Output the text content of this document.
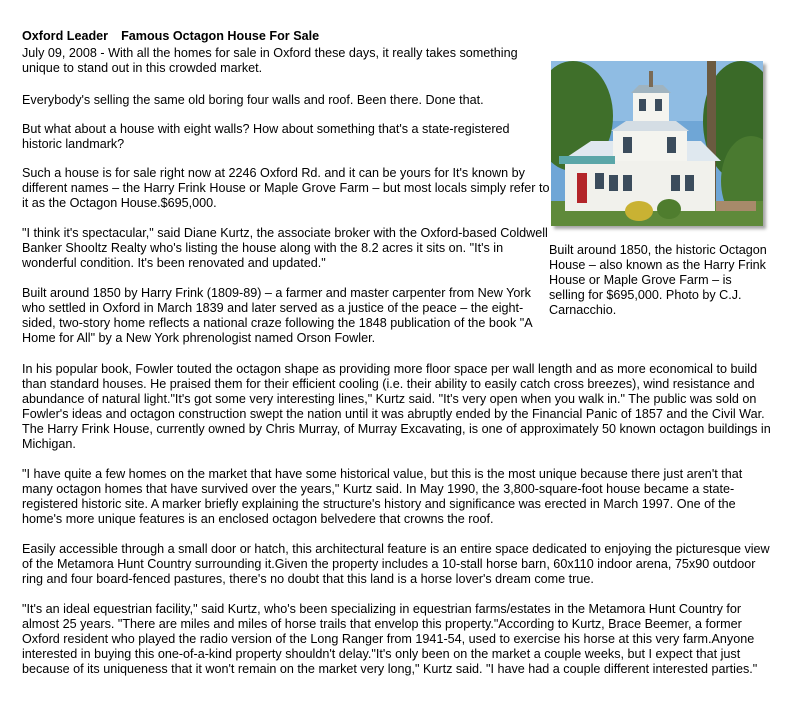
Oxford Leader Famous Octagon House For Sale

July 09, 2008 - With all the homes for sale in Oxford these days, it really takes something unique to stand out in this crowded market.

Everybody's selling the same old boring four walls and roof. Been there. Done that.

But what about a house with eight walls? How about something that's a state-registered historic landmark?

Such a house is for sale right now at 2246 Oxford Rd. and it can be yours for It's known by different names – the Harry Frink House or Maple Grove Farm – but most locals simply refer to it as the Octagon House.$695,000.

"I think it's spectacular," said Diane Kurtz, the associate broker with the Oxford-based Coldwell Banker Shooltz Realty who's listing the house along with the 8.2 acres it sits on. "It's in wonderful condition. It's been renovated and updated."

Built around 1850 by Harry Frink (1809-89) – a farmer and master carpenter from New York who settled in Oxford in March 1839 and later served as a justice of the peace – the eight-sided, two-story home reflects a national craze following the 1848 publication of the book "A Home for All" by a New York phrenologist named Orson Fowler.

Built around 1850, the historic Octagon House – also known as the Harry Frink House or Maple Grove Farm – is selling for $695,000. Photo by C.J. Carnacchio.

In his popular book, Fowler touted the octagon shape as providing more floor space per wall length and as more economical to build than standard houses. He praised them for their efficient cooling (i.e. their ability to easily catch cross breezes), wind resistance and abundance of natural light."It's got some very interesting lines," Kurtz said. "It's very open when you walk in." The public was sold on Fowler's ideas and octagon construction swept the nation until it was abruptly ended by the Financial Panic of 1857 and the Civil War. The Harry Frink House, currently owned by Chris Murray, of Murray Excavating, is one of approximately 50 known octagon buildings in Michigan.

"I have quite a few homes on the market that have some historical value, but this is the most unique because there just aren't that many octagon homes that have survived over the years," Kurtz said. In May 1990, the 3,800-square-foot house became a state-registered historic site. A marker briefly explaining the structure's history and significance was erected in March 1997. One of the home's more unique features is an enclosed octagon belvedere that crowns the roof.

Easily accessible through a small door or hatch, this architectural feature is an entire space dedicated to enjoying the picturesque view of the Metamora Hunt Country surrounding it.Given the property includes a 10-stall horse barn, 60x110 indoor arena, 75x90 outdoor ring and four board-fenced pastures, there's no doubt that this land is a horse lover's dream come true.

"It's an ideal equestrian facility," said Kurtz, who's been specializing in equestrian farms/estates in the Metamora Hunt Country for almost 25 years. "There are miles and miles of horse trails that envelop this property."According to Kurtz, Brace Beemer, a former Oxford resident who played the radio version of the Long Ranger from 1941-54, used to exercise his horse at this very farm.Anyone interested in buying this one-of-a-kind property shouldn't delay."It's only been on the market a couple weeks, but I expect that just because of its uniqueness that it won't remain on the market very long," Kurtz said. "I have had a couple different interested parties."
